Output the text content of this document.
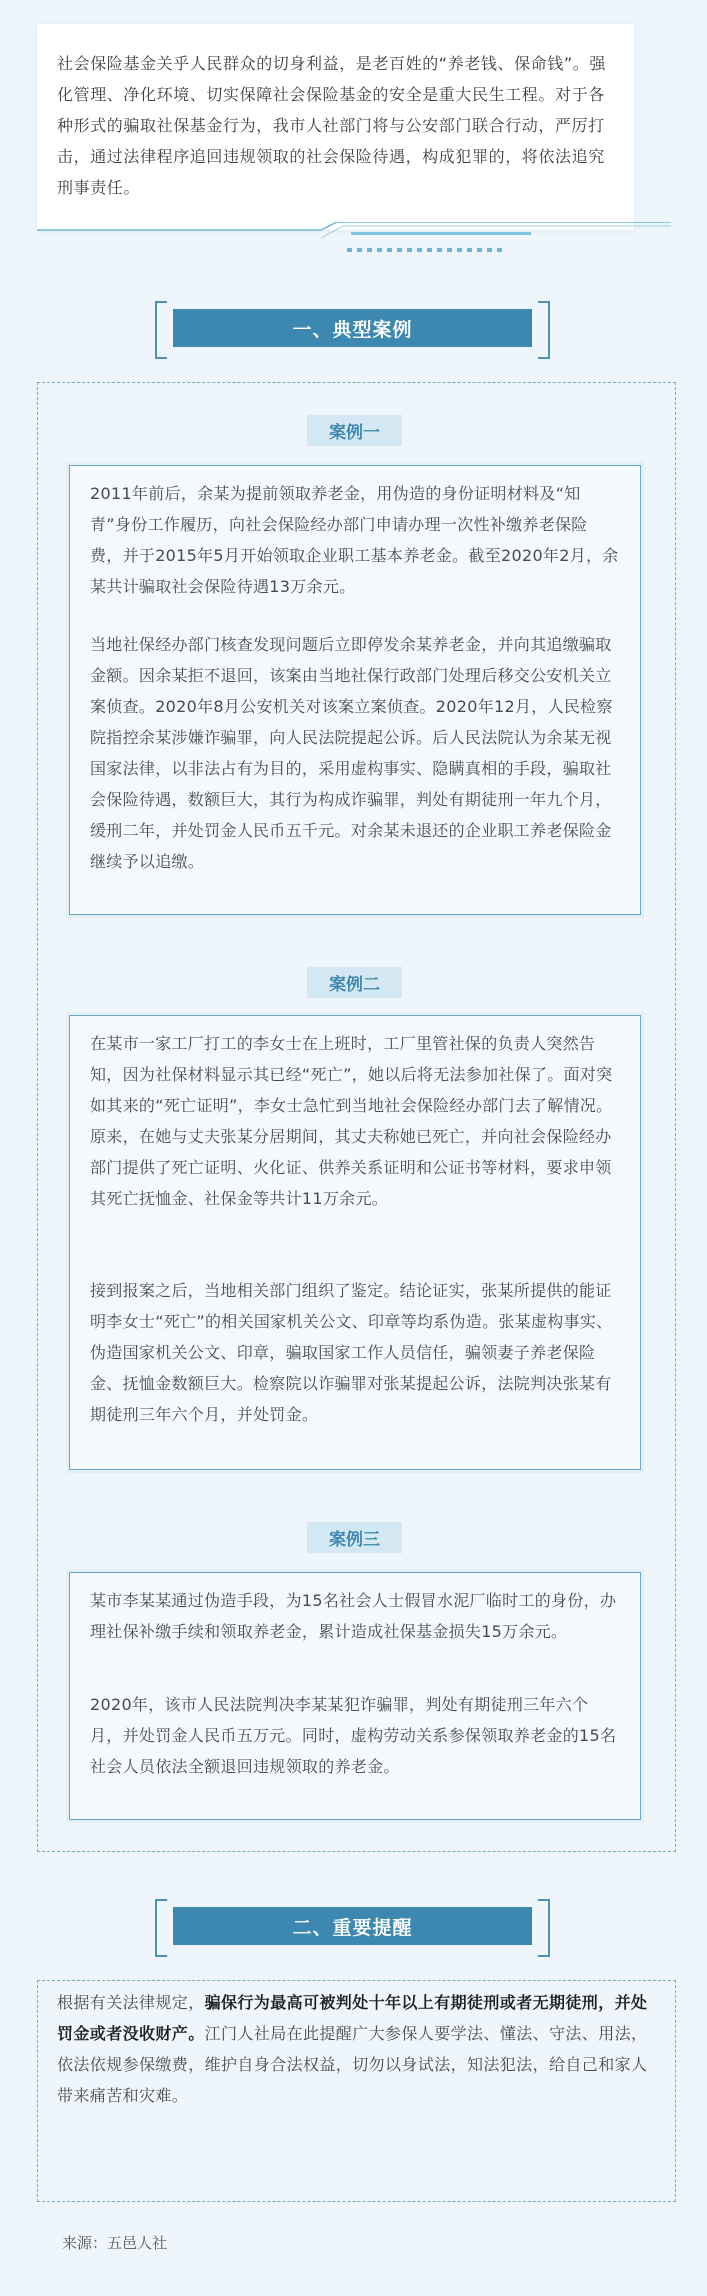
社会保险基金关乎人民群众的切身利益，是老百姓的“养老钱、保命钱”。强化管理、净化环境、切实保障社会保险基金的安全是重大民生工程。对于各种形式的骗取社保基金行为，我市人社部门将与公安部门联合行动，严厉打击，通过法律程序追回违规领取的社会保险待遇，构成犯罪的，将依法追究刑事责任。

一、典型案例
案例一

2011年前后，余某为提前领取养老金，用伪造的身份证明材料及“知青”身份工作履历，向社会保险经办部门申请办理一次性补缴养老保险费，并于2015年5月开始领取企业职工基本养老金。截至2020年2月，余某共计骗取社会保险待遇13万余元。

当地社保经办部门核查发现问题后立即停发余某养老金，并向其追缴骗取金额。因余某拒不退回，该案由当地社保行政部门处理后移交公安机关立案侦查。2020年8月公安机关对该案立案侦查。2020年12月，人民检察院指控余某涉嫌诈骗罪，向人民法院提起公诉。后人民法院认为余某无视国家法律，以非法占有为目的，采用虚构事实、隐瞒真相的手段，骗取社会保险待遇，数额巨大，其行为构成诈骗罪，判处有期徒刑一年九个月，缓刑二年，并处罚金人民币五千元。对余某未退还的企业职工养老保险金继续予以追缴。

案例二

在某市一家工厂打工的李女士在上班时，工厂里管社保的负责人突然告知，因为社保材料显示其已经“死亡”，她以后将无法参加社保了。面对突如其来的“死亡证明”，李女士急忙到当地社会保险经办部门去了解情况。原来，在她与丈夫张某分居期间，其丈夫称她已死亡，并向社会保险经办部门提供了死亡证明、火化证、供养关系证明和公证书等材料，要求申领其死亡抚恤金、社保金等共计11万余元。

接到报案之后，当地相关部门组织了鉴定。结论证实，张某所提供的能证明李女士“死亡”的相关国家机关公文、印章等均系伪造。张某虚构事实、伪造国家机关公文、印章，骗取国家工作人员信任，骗领妻子养老保险金、抚恤金数额巨大。检察院以诈骗罪对张某提起公诉，法院判决张某有期徒刑三年六个月，并处罚金。

案例三

某市李某某通过伪造手段，为15名社会人士假冒水泥厂临时工的身份，办理社保补缴手续和领取养老金，累计造成社保基金损失15万余元。

2020年，该市人民法院判决李某某犯诈骗罪，判处有期徒刑三年六个月，并处罚金人民币五万元。同时，虚构劳动关系参保领取养老金的15名社会人员依法全额退回违规领取的养老金。

二、重要提醒

根据有关法律规定，骗保行为最高可被判处十年以上有期徒刑或者无期徒刑，并处罚金或者没收财产。江门人社局在此提醒广大参保人要学法、懂法、守法、用法，依法依规参保缴费，维护自身合法权益，切勿以身试法，知法犯法，给自己和家人带来痛苦和灾难。

来源：五邑人社
